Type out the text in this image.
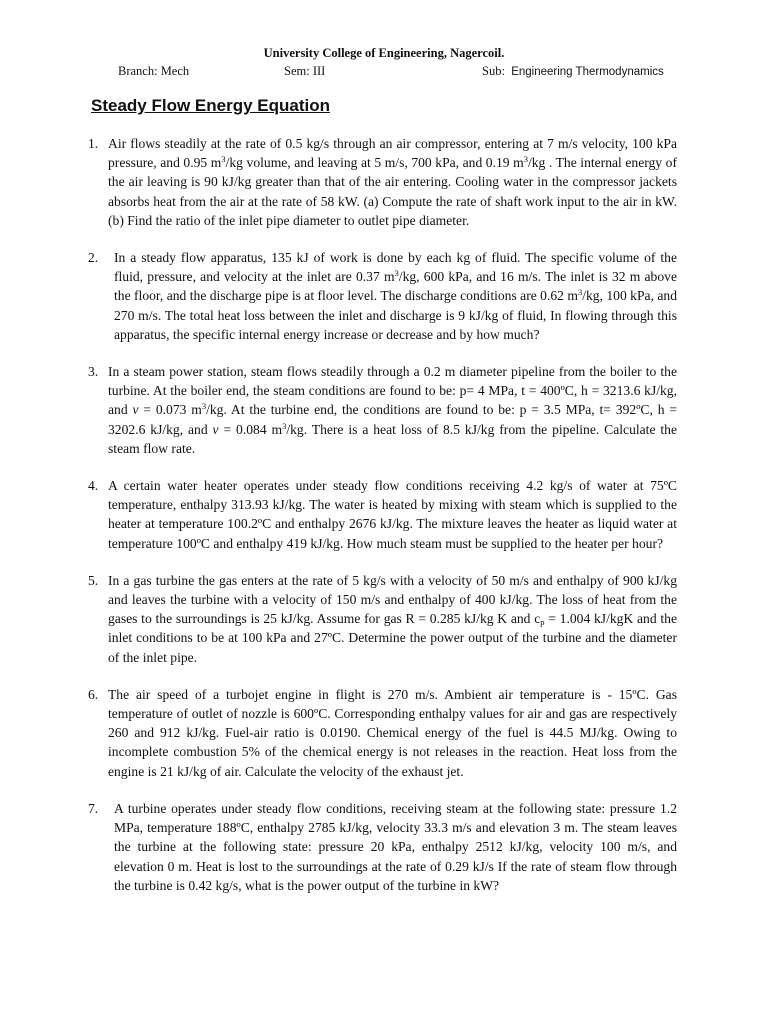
University College of Engineering, Nagercoil.
Branch: Mech	Sem: III	Sub: Engineering Thermodynamics
Steady Flow Energy Equation
1. Air flows steadily at the rate of 0.5 kg/s through an air compressor, entering at 7 m/s velocity, 100 kPa pressure, and 0.95 $m^3/kg$ volume, and leaving at 5 m/s, 700 kPa, and 0.19 $m^3/kg$ . The internal energy of the air leaving is 90 kJ/kg greater than that of the air entering. Cooling water in the compressor jackets absorbs heat from the air at the rate of 58 kW. (a) Compute the rate of shaft work input to the air in kW. (b) Find the ratio of the inlet pipe diameter to outlet pipe diameter.
2. In a steady flow apparatus, 135 kJ of work is done by each kg of fluid. The specific volume of the fluid, pressure, and velocity at the inlet are 0.37 $m^3/kg$, 600 kPa, and 16 m/s. The inlet is 32 m above the floor, and the discharge pipe is at floor level. The discharge conditions are 0.62 $m^3/kg$, 100 kPa, and 270 m/s. The total heat loss between the inlet and discharge is 9 kJ/kg of fluid, In flowing through this apparatus, the specific internal energy increase or decrease and by how much?
3. In a steam power station, steam flows steadily through a 0.2 m diameter pipeline from the boiler to the turbine. At the boiler end, the steam conditions are found to be: p= 4 MPa, t = 400ºC, h = 3213.6 kJ/kg, and v = 0.073 $m^3/kg$. At the turbine end, the conditions are found to be: p = 3.5 MPa, t= 392ºC, h = 3202.6 kJ/kg, and v = 0.084 $m^3/kg$. There is a heat loss of 8.5 kJ/kg from the pipeline. Calculate the steam flow rate.
4. A certain water heater operates under steady flow conditions receiving 4.2 kg/s of water at 75ºC temperature, enthalpy 313.93 kJ/kg. The water is heated by mixing with steam which is supplied to the heater at temperature 100.2ºC and enthalpy 2676 kJ/kg. The mixture leaves the heater as liquid water at temperature 100ºC and enthalpy 419 kJ/kg. How much steam must be supplied to the heater per hour?
5. In a gas turbine the gas enters at the rate of 5 kg/s with a velocity of 50 m/s and enthalpy of 900 kJ/kg and leaves the turbine with a velocity of 150 m/s and enthalpy of 400 kJ/kg. The loss of heat from the gases to the surroundings is 25 kJ/kg. Assume for gas R = 0.285 kJ/kg K and $c_p = 1.004$ kJ/kgK and the inlet conditions to be at 100 kPa and 27ºC. Determine the power output of the turbine and the diameter of the inlet pipe.
6. The air speed of a turbojet engine in flight is 270 m/s. Ambient air temperature is - 15ºC. Gas temperature of outlet of nozzle is 600ºC. Corresponding enthalpy values for air and gas are respectively 260 and 912 kJ/kg. Fuel-air ratio is 0.0190. Chemical energy of the fuel is 44.5 MJ/kg. Owing to incomplete combustion 5% of the chemical energy is not releases in the reaction. Heat loss from the engine is 21 kJ/kg of air. Calculate the velocity of the exhaust jet.
7. A turbine operates under steady flow conditions, receiving steam at the following state: pressure 1.2 MPa, temperature 188ºC, enthalpy 2785 kJ/kg, velocity 33.3 m/s and elevation 3 m. The steam leaves the turbine at the following state: pressure 20 kPa, enthalpy 2512 kJ/kg, velocity 100 m/s, and elevation 0 m. Heat is lost to the surroundings at the rate of 0.29 kJ/s If the rate of steam flow through the turbine is 0.42 kg/s, what is the power output of the turbine in kW?
